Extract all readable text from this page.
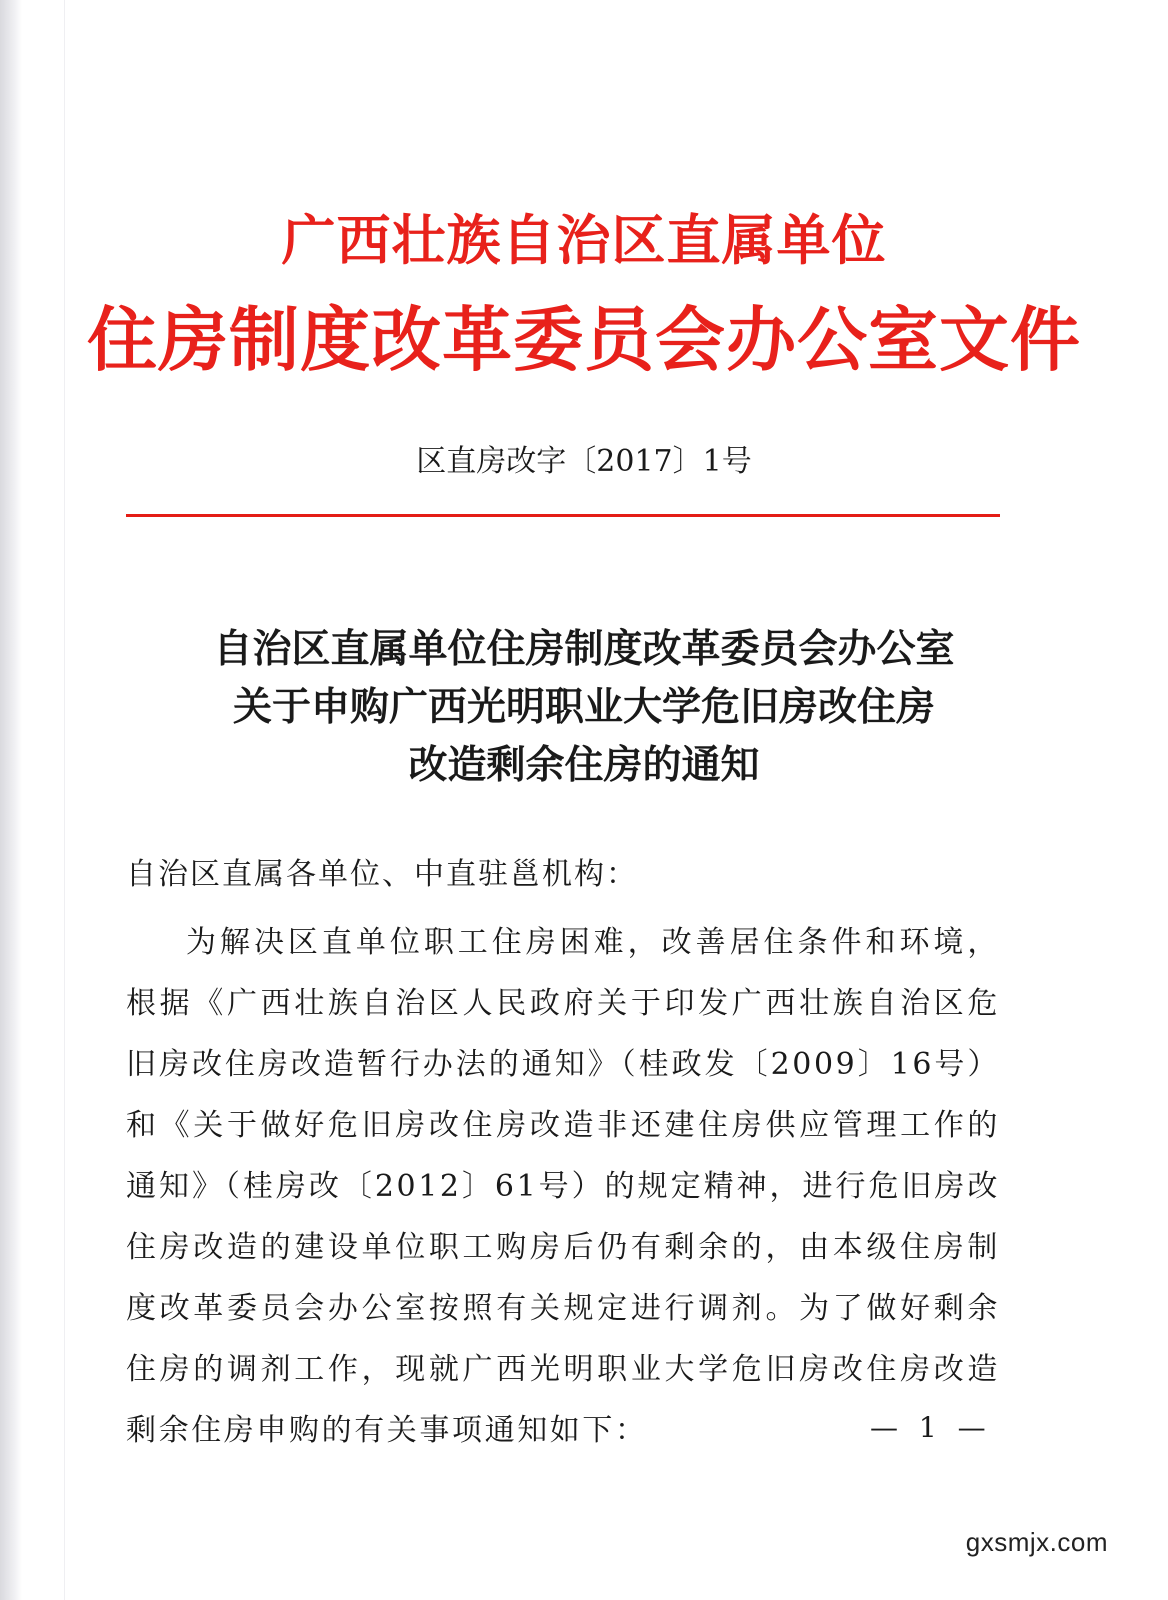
广西壮族自治区直属单位
住房制度改革委员会办公室文件
区直房改字〔2017〕1号
自治区直属单位住房制度改革委员会办公室
关于申购广西光明职业大学危旧房改住房
改造剩余住房的通知
自治区直属各单位、中直驻邕机构：
为解决区直单位职工住房困难，改善居住条件和环境，根据《广西壮族自治区人民政府关于印发广西壮族自治区危旧房改住房改造暂行办法的通知》（桂政发〔2009〕16号）和《关于做好危旧房改住房改造非还建住房供应管理工作的通知》（桂房改〔2012〕61号）的规定精神，进行危旧房改住房改造的建设单位职工购房后仍有剩余的，由本级住房制度改革委员会办公室按照有关规定进行调剂。为了做好剩余住房的调剂工作，现就广西光明职业大学危旧房改住房改造剩余住房申购的有关事项通知如下：	— 1 —
gxsmjx.com
